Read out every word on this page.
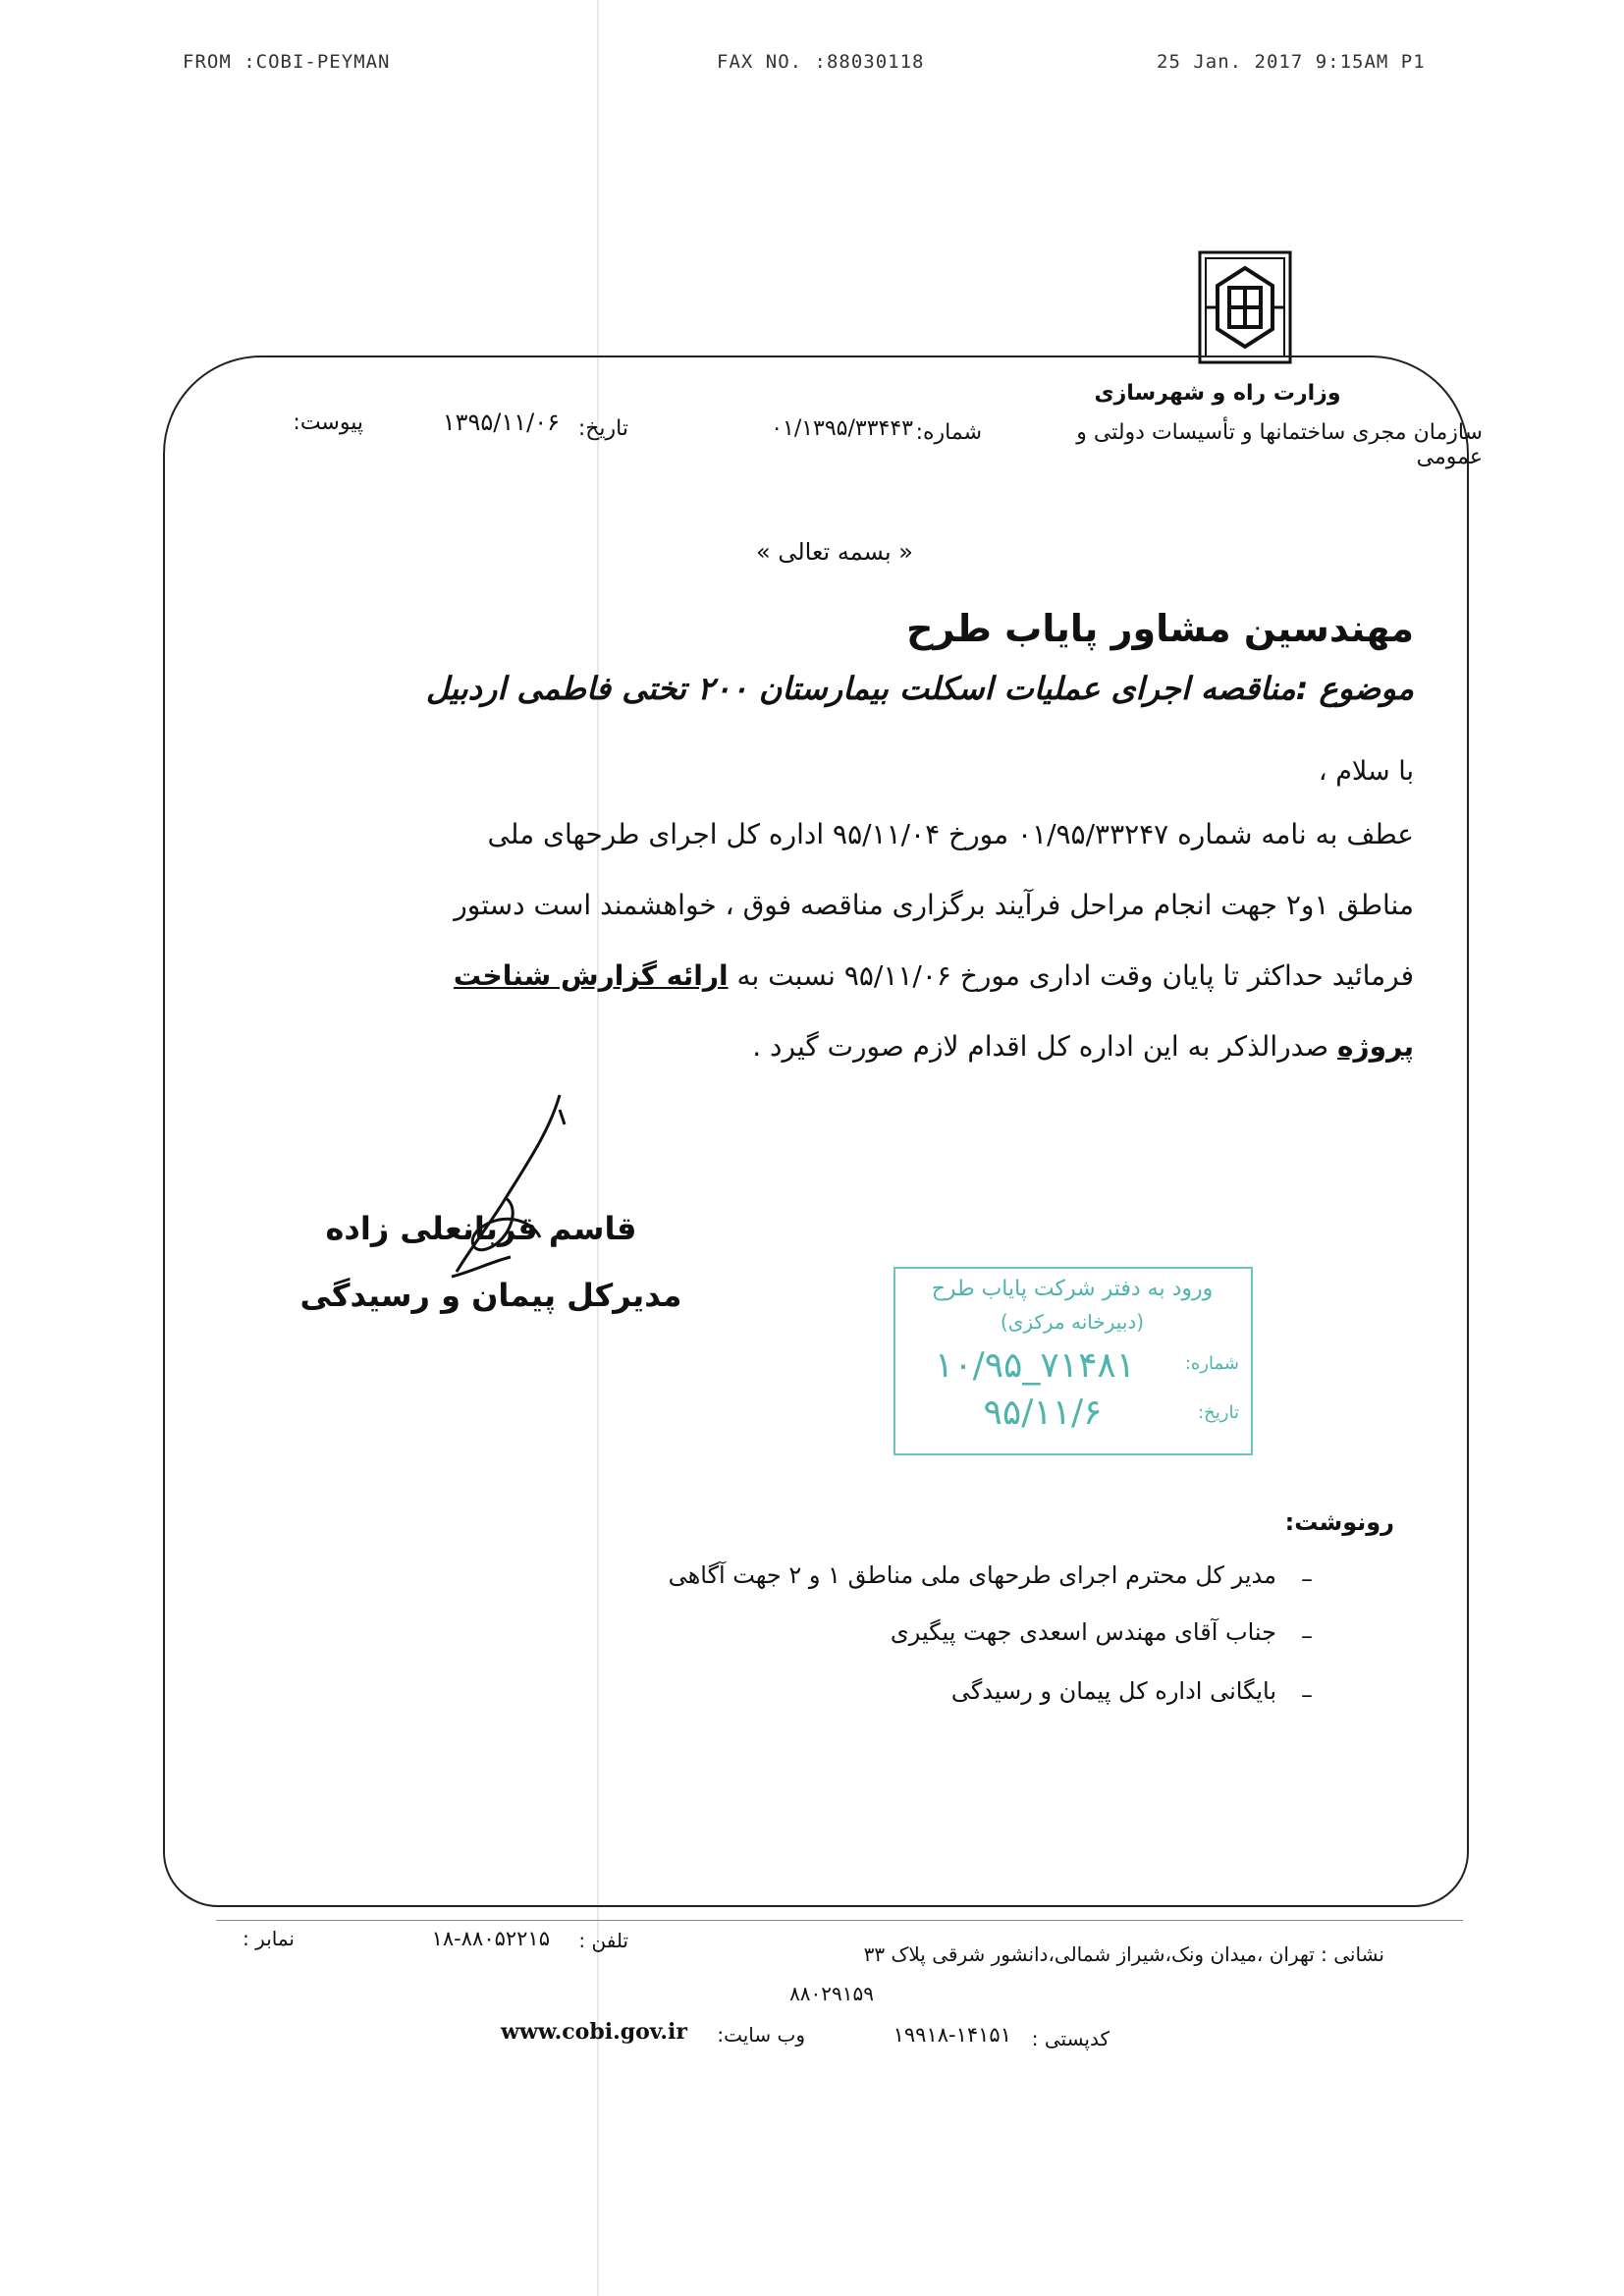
FROM :COBI-PEYMAN	FAX NO. :88030118	25 Jan. 2017 9:15AM P1
وزارت راه و شهرسازی
سازمان مجری ساختمانها و تأسیسات دولتی و عمومی
شماره:
۰۱/۱۳۹۵/۳۳۴۴۳
تاریخ:
۱۳۹۵/۱۱/۰۶
پیوست:
« بسمه تعالی »
مهندسین مشاور پایاب طرح
موضوع :مناقصه اجرای عملیات اسکلت بیمارستان ۲۰۰ تختی فاطمی اردبیل
با سلام ،
عطف به نامه شماره ۰۱/۹۵/۳۳۲۴۷ مورخ ۹۵/۱۱/۰۴ اداره کل اجرای طرحهای ملی
مناطق ۱و۲ جهت انجام مراحل فرآیند برگزاری مناقصه فوق ، خواهشمند است دستور
فرمائید حداکثر تا پایان وقت اداری مورخ ۹۵/۱۱/۰۶ نسبت به ارائه گزارش شناخت
پروژه صدرالذکر به این اداره کل اقدام لازم صورت گیرد .
قاسم قربانعلی زاده
مدیرکل پیمان و رسیدگی	ورود به دفتر شرکت پایاب طرح
(دبیرخانه مرکزی)
شماره:
۱۰/۹۵_۷۱۴۸۱
تاریخ:
۹۵/۱۱/۶
رونوشت:
–
مدیر کل محترم اجرای طرحهای ملی مناطق ۱ و ۲ جهت آگاهی
–
جناب آقای مهندس اسعدی جهت پیگیری
–
بایگانی اداره کل پیمان و رسیدگی
نشانی : تهران ،میدان ونک،شیراز شمالی،دانشور شرقی پلاک ۳۳
تلفن :
۱۸-۸۸۰۵۲۲۱۵
نمابر :
۸۸۰۲۹۱۵۹
کدپستی :
۱۹۹۱۸-۱۴۱۵۱
وب سایت:
www.cobi.gov.ir
